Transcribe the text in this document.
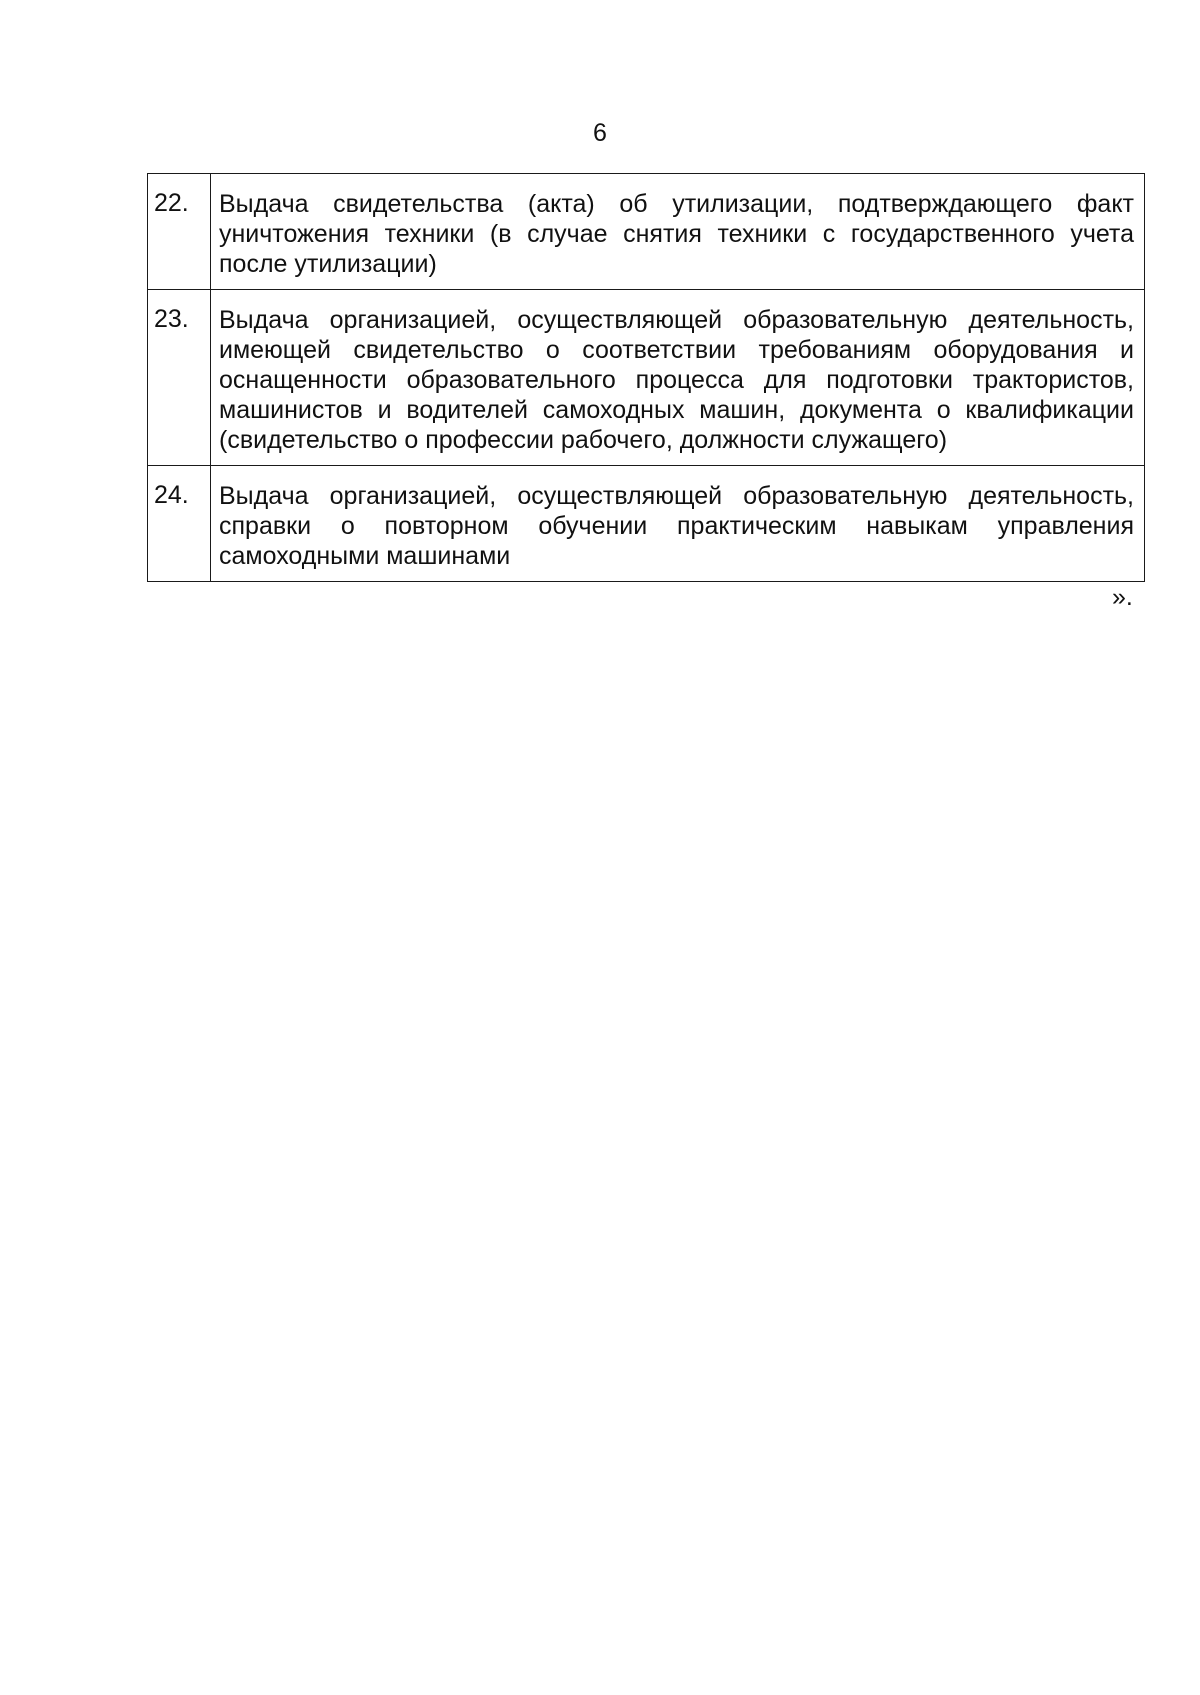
6
22.	Выдача свидетельства (акта) об утилизации, подтверждающего факт уничтожения техники (в случае снятия техники с государственного учета после утилизации)
23.	Выдача организацией, осуществляющей образовательную деятельность, имеющей свидетельство о соответствии требованиям оборудования и оснащенности образовательного процесса для подготовки трактористов, машинистов и водителей самоходных машин, документа о квалификации (свидетельство о профессии рабочего, должности служащего)
24.	Выдача организацией, осуществляющей образовательную деятельность, справки о повторном обучении практическим навыкам управления самоходными машинами
».
